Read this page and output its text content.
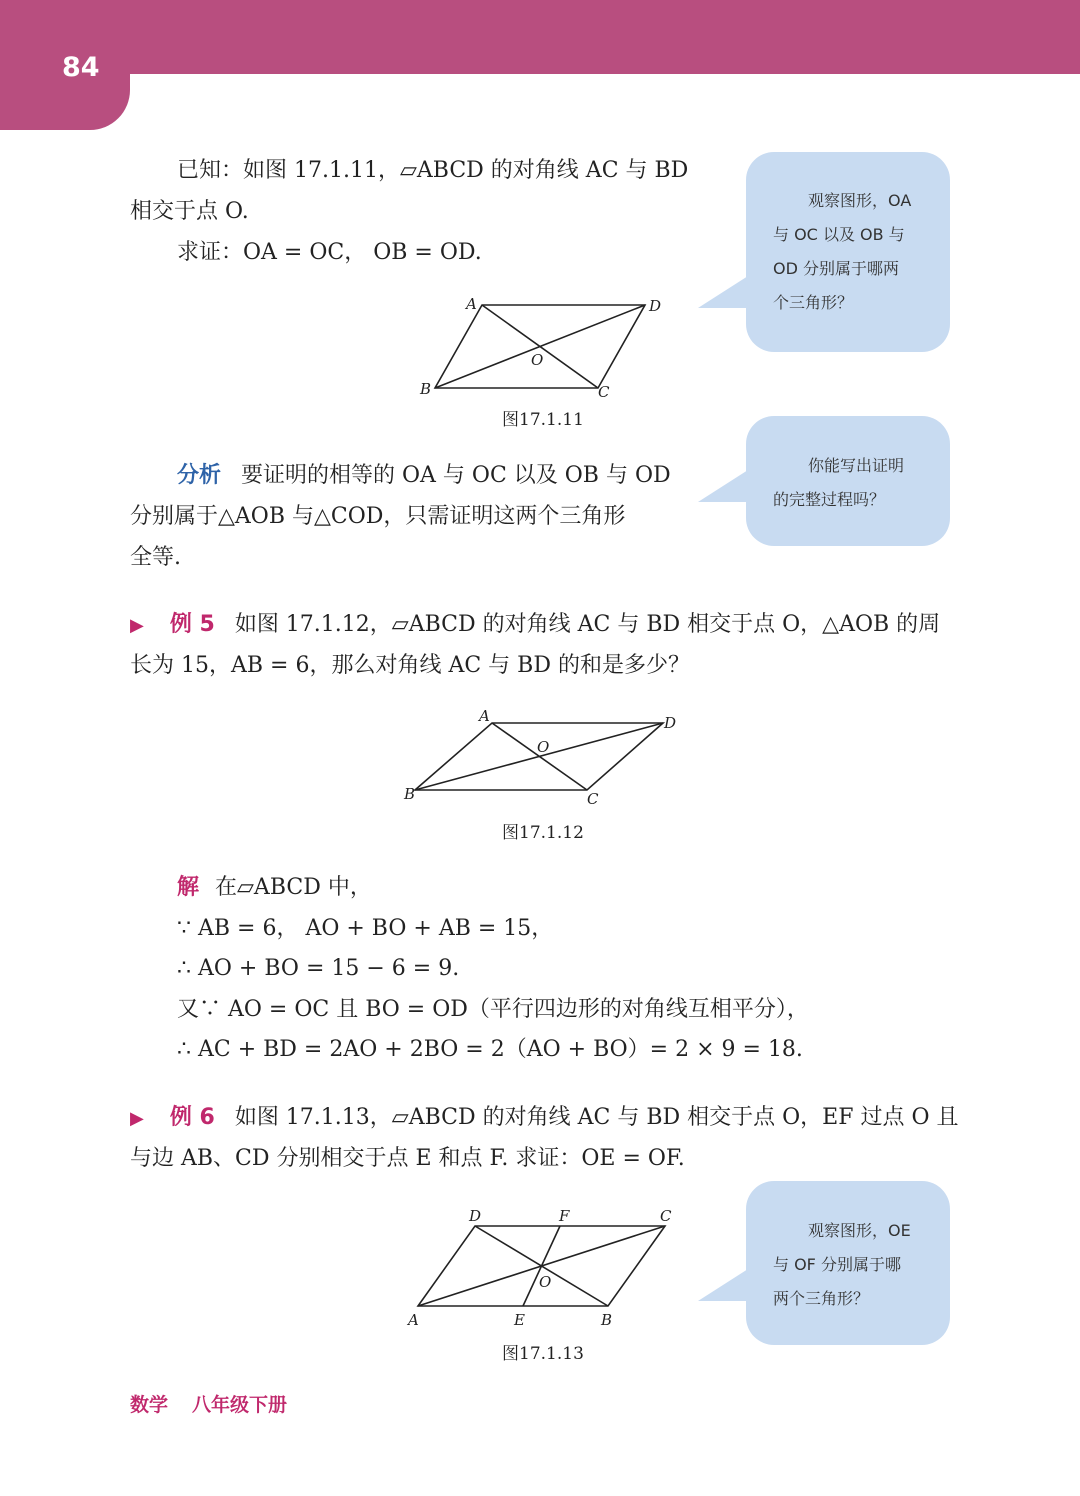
84
已知：如图 17.1.11，▱ABCD 的对角线 AC 与 BD
相交于点 O.
求证：OA = OC， OB = OD.
A	D
O
B	C
图17.1.11
观察图形，OA
与 OC 以及 OB 与
OD 分别属于哪两
个三角形？
分析 要证明的相等的 OA 与 OC 以及 OB 与 OD
分别属于△AOB 与△COD，只需证明这两个三角形
全等.
你能写出证明
的完整过程吗？
▶ 例 5 如图 17.1.12，▱ABCD 的对角线 AC 与 BD 相交于点 O，△AOB 的周
长为 15，AB = 6，那么对角线 AC 与 BD 的和是多少？
A	D
O
B	C
图17.1.12
解 在▱ABCD 中，
∵ AB = 6， AO + BO + AB = 15，
∴ AO + BO = 15 − 6 = 9.
又∵ AO = OC 且 BO = OD（平行四边形的对角线互相平分），
∴ AC + BD = 2AO + 2BO = 2（AO + BO）= 2 × 9 = 18.
▶ 例 6 如图 17.1.13，▱ABCD 的对角线 AC 与 BD 相交于点 O，EF 过点 O 且
与边 AB、CD 分别相交于点 E 和点 F. 求证：OE = OF.
D	F	C
O
A	E	B
图17.1.13
观察图形，OE
与 OF 分别属于哪
两个三角形？
数学 八年级下册
